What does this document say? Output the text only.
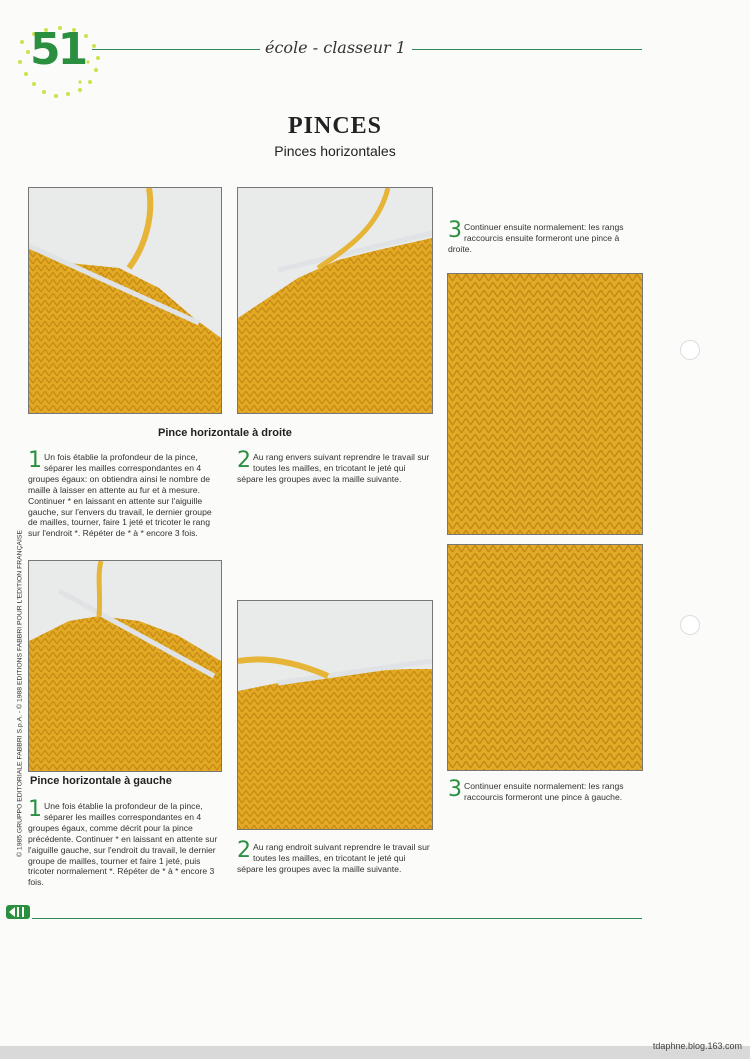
51	école - classeur 1
PINCES
Pinces horizontales
3 Continuer ensuite normalement: les rangs raccourcis ensuite formeront une pince à droite.
Pince horizontale à droite
1 Un fois établie la profondeur de la pince, séparer les mailles correspondantes en 4 groupes égaux: on obtiendra ainsi le nombre de maille à laisser en attente au fur et à mesure. Continuer * en laissant en attente sur l'aiguille gauche, sur l'envers du travail, le dernier groupe de mailles, tourner, faire 1 jeté et tricoter le rang sur l'endroit *. Répéter de * à * encore 3 fois.
2 Au rang envers suivant reprendre le travail sur toutes les mailles, en tricotant le jeté qui sépare les groupes avec la maille suivante.
Pince horizontale à gauche	3 Continuer ensuite normalement: les rangs raccourcis formeront une pince à gauche.
1 Une fois établie la profondeur de la pince, séparer les mailles correspondantes en 4 groupes égaux, comme décrit pour la pince précédente. Continuer * en laissant en attente sur l'aiguille gauche, sur l'endroit du travail, le dernier groupe de mailles, tourner et faire 1 jeté, puis tricoter normalement *. Répéter de * à * encore 3 fois.
2 Au rang endroit suivant reprendre le travail sur toutes les mailles, en tricotant le jeté qui sépare les groupes avec la maille suivante.
© 1985 GRUPPO EDITORIALE FABBRI S.p.A. - © 1988 EDITIONS FABBRI POUR L'EDITION FRANÇAISE
tdaphne.blog.163.com
